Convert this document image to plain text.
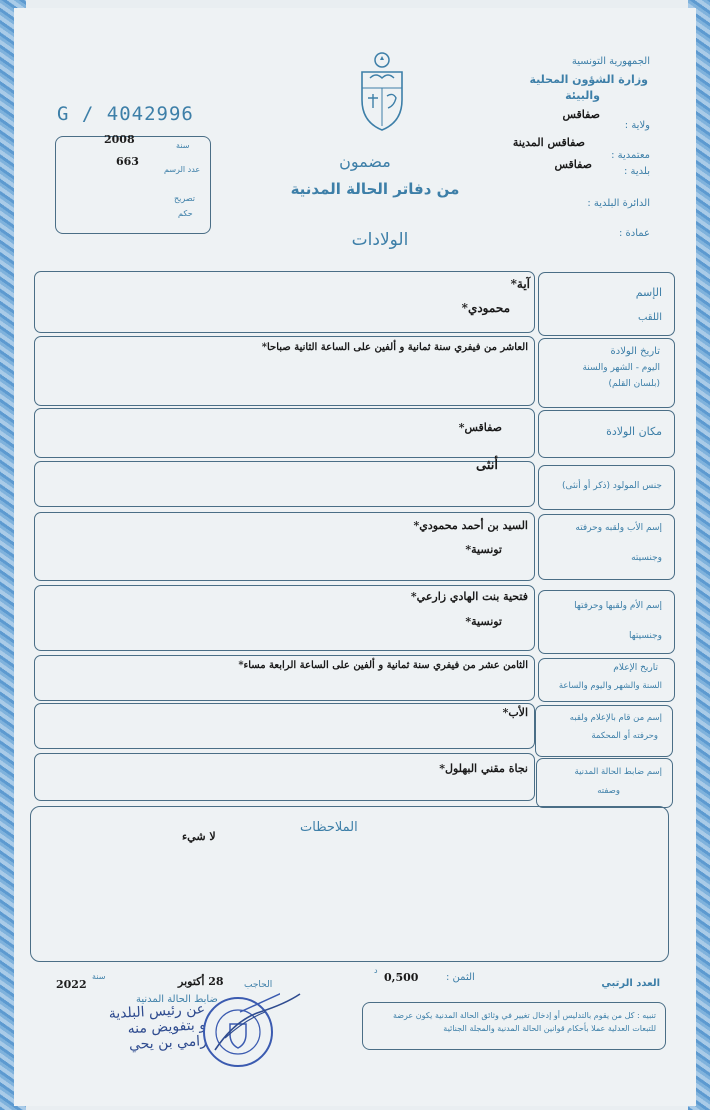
الجمهورية التونسية
وزارة الشؤون المحلية
والبيئة
ولاية :
صفاقس
معتمدية :
صفاقس المدينة
بلدية :
صفاقس
الدائرة البلدية :
عمادة :
G / 4042996
2008	سنة
663
عدد الرسم
تصريح
حكم
مضمون
من دفاتر الحالة المدنية
الولادات
الإسم
اللقب
آية*
محمودي*
تاريخ الولادة
اليوم - الشهر والسنة
(بلسان القلم)
العاشر من فيفري سنة ثمانية و ألفين على الساعة الثانية صباحا*
مكان الولادة
صفاقس*
جنس المولود (ذكر أو أنثى)
أنثى
إسم الأب ولقبه وحرفته
وجنسيته
السيد بن أحمد محمودي*
تونسية*
إسم الأم ولقبها وحرفتها
وجنسيتها
فتحية بنت الهادي زارعي*
تونسية*
تاريخ الإعلام
السنة والشهر واليوم والساعة
الثامن عشر من فيفري سنة ثمانية و ألفين على الساعة الرابعة مساء*
إسم من قام بالإعلام ولقبه
وحرفته أو المحكمة
الأب*
إسم ضابط الحالة المدنية
وصفته
نجاة مقني البهلول*
الملاحظات
لا شيء
العدد الرتبي
الثمن :
0,500
د
الحاجب
28 أكتوبر
سنة
2022
ضابط الحالة المدنية
عن رئيس البلدية
و بتفويض منه
رامي بن يحي
تنبيه : كل من يقوم بالتدليس أو إدخال تغيير في وثائق الحالة المدنية يكون عرضة للتبعات العدلية عملا بأحكام قوانين الحالة المدنية والمجلة الجنائية
